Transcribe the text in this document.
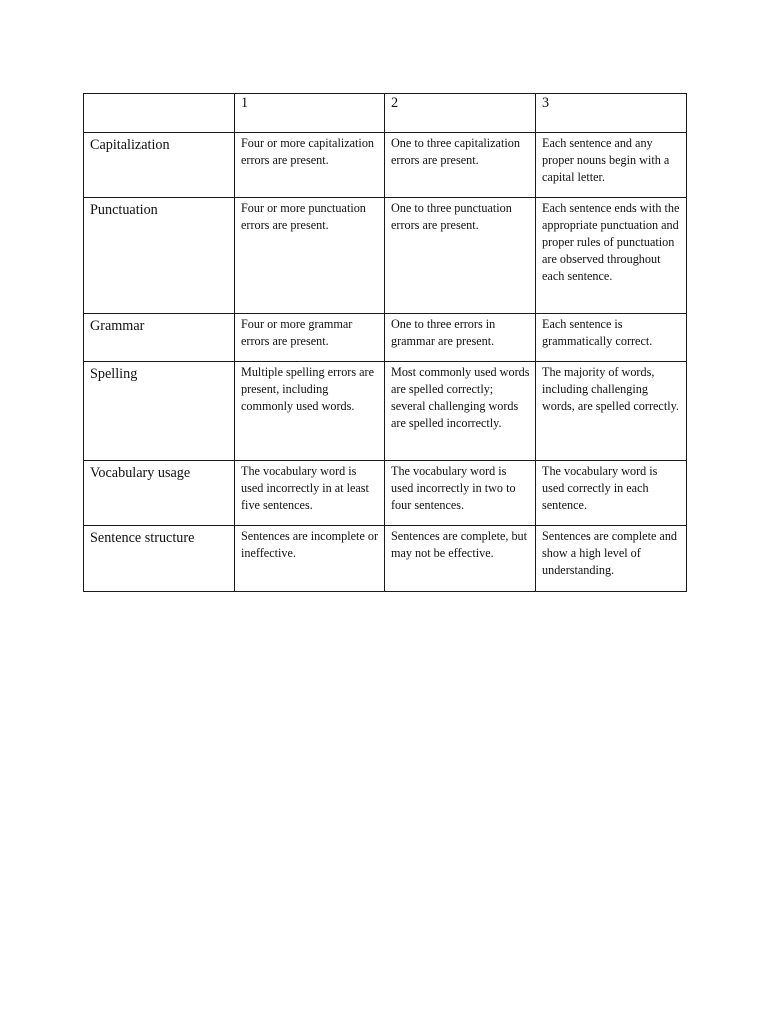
	1	2	3
Capitalization	Four or more capitalization errors are present.	One to three capitalization errors are present.	Each sentence and any proper nouns begin with a capital letter.
Punctuation	Four or more punctuation errors are present.	One to three punctuation errors are present.	Each sentence ends with the appropriate punctuation and proper rules of punctuation are observed throughout each sentence.
Grammar	Four or more grammar errors are present.	One to three errors in grammar are present.	Each sentence is grammatically correct.
Spelling	Multiple spelling errors are present, including commonly used words.	Most commonly used words are spelled correctly; several challenging words are spelled incorrectly.	The majority of words, including challenging words, are spelled correctly.
Vocabulary usage	The vocabulary word is used incorrectly in at least five sentences.	The vocabulary word is used incorrectly in two to four sentences.	The vocabulary word is used correctly in each sentence.
Sentence structure	Sentences are incomplete or ineffective.	Sentences are complete, but may not be effective.	Sentences are complete and show a high level of understanding.
